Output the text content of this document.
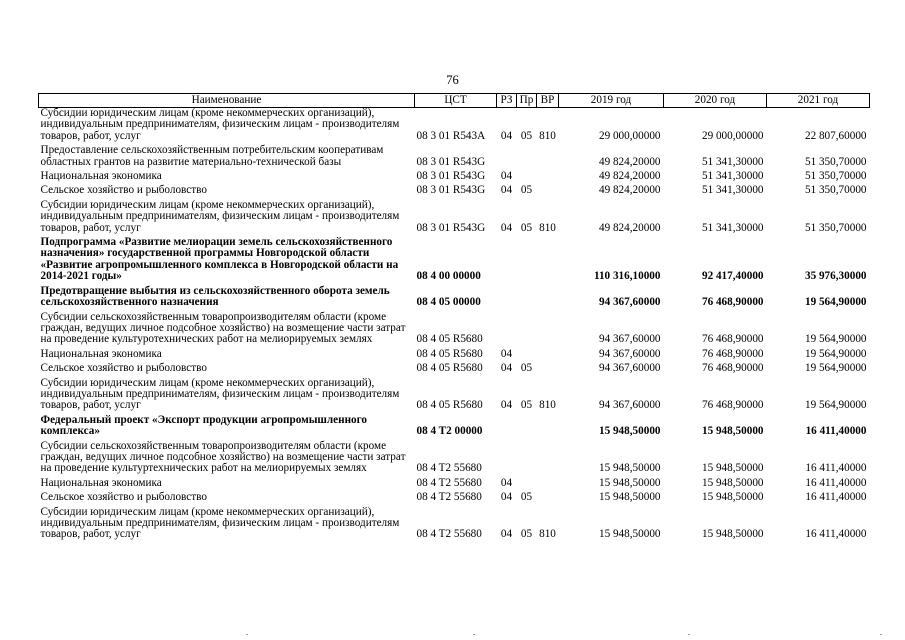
76
Наименование	ЦСТ	РЗ	Пр	ВР	2019 год	2020 год	2021 год
Субсидии юридическим лицам (кроме некоммерческих организаций), индивидуальным предпринимателям, физическим лицам - производителям товаров, работ, услуг	08 3 01 R543A	04	05	810	29 000,00000	29 000,00000	22 807,60000
Предоставление сельскохозяйственным потребительским кооперативам областных грантов на развитие материально-технической базы	08 3 01 R543G				49 824,20000	51 341,30000	51 350,70000
Национальная экономика	08 3 01 R543G	04			49 824,20000	51 341,30000	51 350,70000
Сельское хозяйство и рыболовство	08 3 01 R543G	04	05		49 824,20000	51 341,30000	51 350,70000
Субсидии юридическим лицам (кроме некоммерческих организаций), индивидуальным предпринимателям, физическим лицам - производителям товаров, работ, услуг	08 3 01 R543G	04	05	810	49 824,20000	51 341,30000	51 350,70000
Подпрограмма «Развитие мелиорации земель сельскохозяйственного назначения» государственной программы Новгородской области «Развитие агропромышленного комплекса в Новгородской области на 2014-2021 годы»	08 4 00 00000				110 316,10000	92 417,40000	35 976,30000
Предотвращение выбытия из сельскохозяйственного оборота земель сельскохозяйственного назначения	08 4 05 00000				94 367,60000	76 468,90000	19 564,90000
Субсидии сельскохозяйственным товаропроизводителям области (кроме граждан, ведущих личное подсобное хозяйство) на возмещение части затрат на проведение культуротехнических работ на мелиорируемых землях	08 4 05 R5680				94 367,60000	76 468,90000	19 564,90000
Национальная экономика	08 4 05 R5680	04			94 367,60000	76 468,90000	19 564,90000
Сельское хозяйство и рыболовство	08 4 05 R5680	04	05		94 367,60000	76 468,90000	19 564,90000
Субсидии юридическим лицам (кроме некоммерческих организаций), индивидуальным предпринимателям, физическим лицам - производителям товаров, работ, услуг	08 4 05 R5680	04	05	810	94 367,60000	76 468,90000	19 564,90000
Федеральный проект «Экспорт продукции агропромышленного комплекса»	08 4 T2 00000				15 948,50000	15 948,50000	16 411,40000
Субсидии сельскохозяйственным товаропроизводителям области (кроме граждан, ведущих личное подсобное хозяйство) на возмещение части затрат на проведение культуртехнических работ на мелиорируемых землях	08 4 T2 55680				15 948,50000	15 948,50000	16 411,40000
Национальная экономика	08 4 T2 55680	04			15 948,50000	15 948,50000	16 411,40000
Сельское хозяйство и рыболовство	08 4 T2 55680	04	05		15 948,50000	15 948,50000	16 411,40000
Субсидии юридическим лицам (кроме некоммерческих организаций), индивидуальным предпринимателям, физическим лицам - производителям товаров, работ, услуг	08 4 T2 55680	04	05	810	15 948,50000	15 948,50000	16 411,40000
